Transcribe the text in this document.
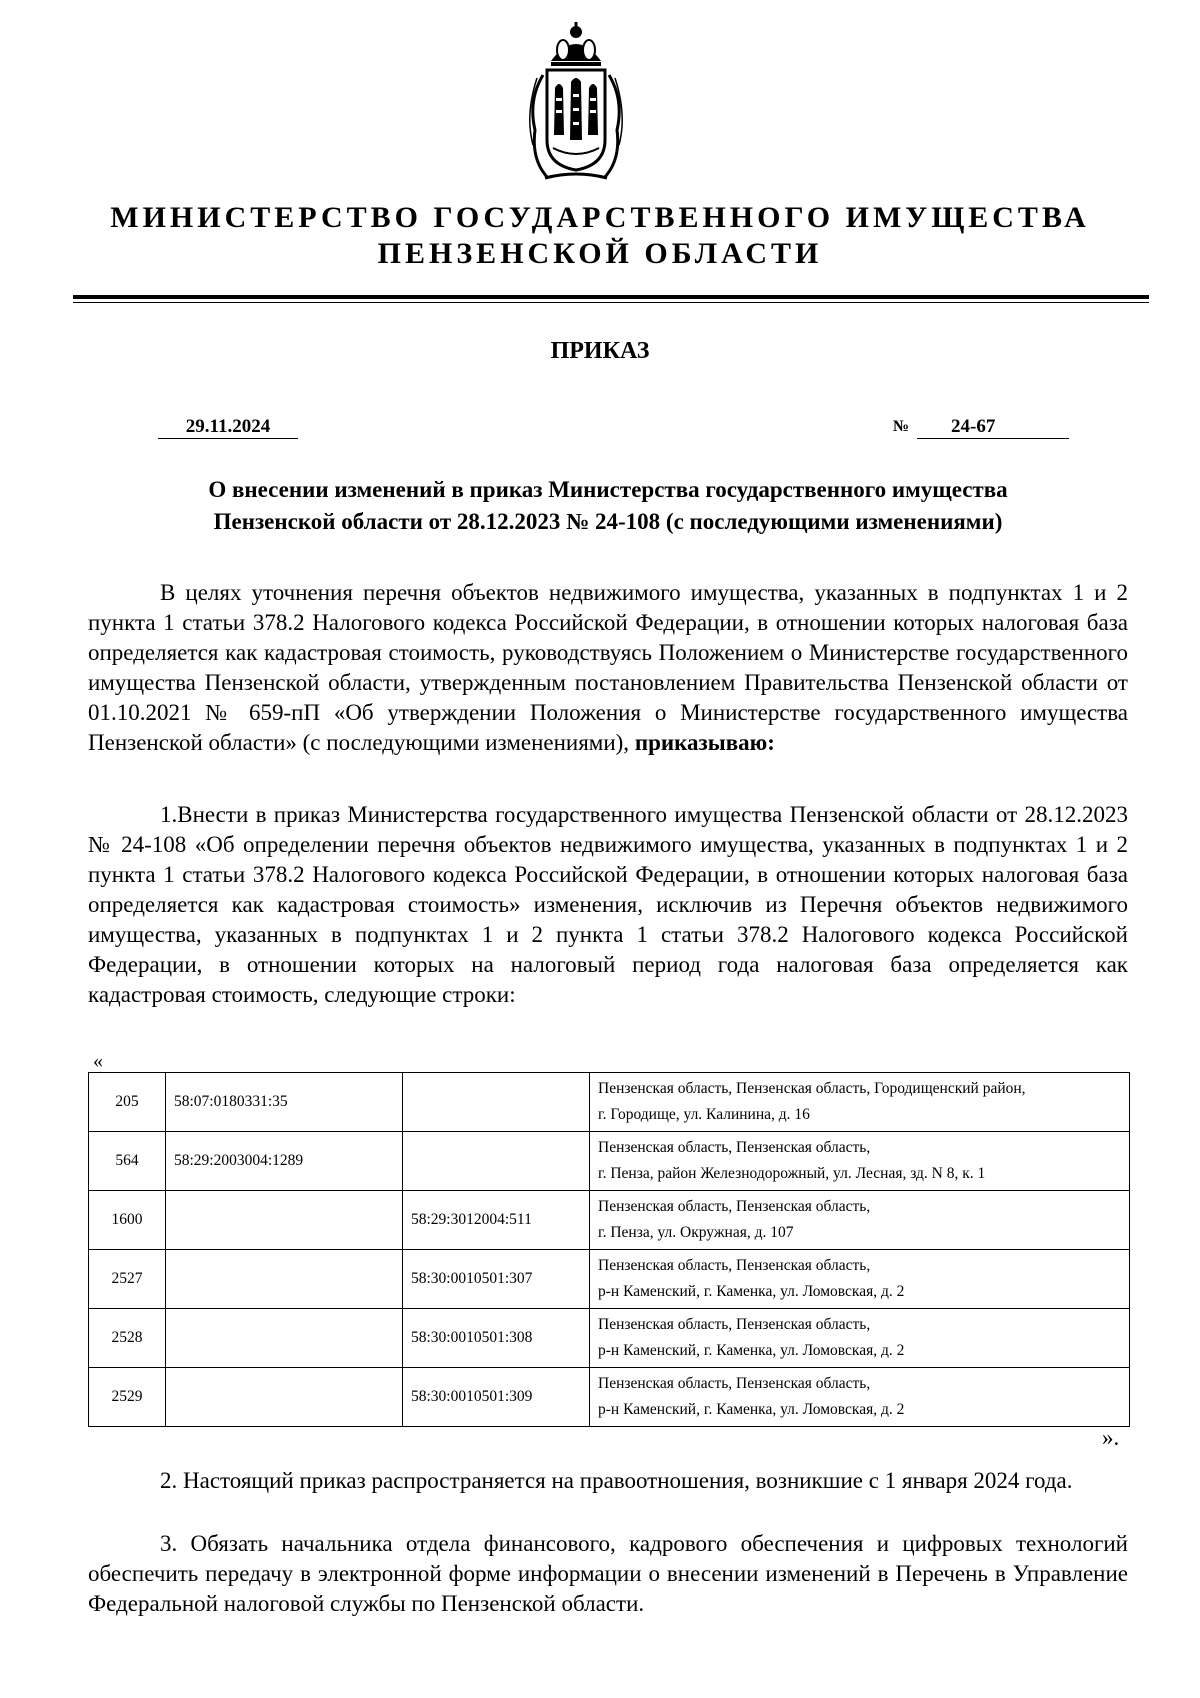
МИНИСТЕРСТВО ГОСУДАРСТВЕННОГО ИМУЩЕСТВА
ПЕНЗЕНСКОЙ ОБЛАСТИ
ПРИКАЗ
29.11.2024	№	24-67
О внесении изменений в приказ Министерства государственного имущества
Пензенской области от 28.12.2023 № 24-108 (с последующими изменениями)

В целях уточнения перечня объектов недвижимого имущества, указанных в подпунктах 1 и 2 пункта 1 статьи 378.2 Налогового кодекса Российской Федерации, в отношении которых налоговая база определяется как кадастровая стоимость, руководствуясь Положением о Министерстве государственного имущества Пензенской области, утвержденным постановлением Правительства Пензенской области от 01.10.2021 № 659-пП «Об утверждении Положения о Министерстве государственного имущества Пензенской области» (с последующими изменениями), приказываю:

1.Внести в приказ Министерства государственного имущества Пензенской области от 28.12.2023 № 24-108 «Об определении перечня объектов недвижимого имущества, указанных в подпунктах 1 и 2 пункта 1 статьи 378.2 Налогового кодекса Российской Федерации, в отношении которых налоговая база определяется как кадастровая стоимость» изменения, исключив из Перечня объектов недвижимого имущества, указанных в подпунктах 1 и 2 пункта 1 статьи 378.2 Налогового кодекса Российской Федерации, в отношении которых на налоговый период года налоговая база определяется как кадастровая стоимость, следующие строки:

«
205	58:07:0180331:35		Пензенская область, Пензенская область, Городищенский район,
г. Городище, ул. Калинина, д. 16

564	58:29:2003004:1289		Пензенская область, Пензенская область,
г. Пенза, район Железнодорожный, ул. Лесная, зд. N 8, к. 1

1600		58:29:3012004:511	Пензенская область, Пензенская область,
г. Пенза, ул. Окружная, д. 107

2527		58:30:0010501:307	Пензенская область, Пензенская область,
р-н Каменский, г. Каменка, ул. Ломовская, д. 2

2528		58:30:0010501:308	Пензенская область, Пензенская область,
р-н Каменский, г. Каменка, ул. Ломовская, д. 2

2529		58:30:0010501:309	Пензенская область, Пензенская область,
р-н Каменский, г. Каменка, ул. Ломовская, д. 2
».

2. Настоящий приказ распространяется на правоотношения, возникшие с 1 января 2024 года.

3. Обязать начальника отдела финансового, кадрового обеспечения и цифровых технологий обеспечить передачу в электронной форме информации о внесении изменений в Перечень в Управление Федеральной налоговой службы по Пензенской области.
